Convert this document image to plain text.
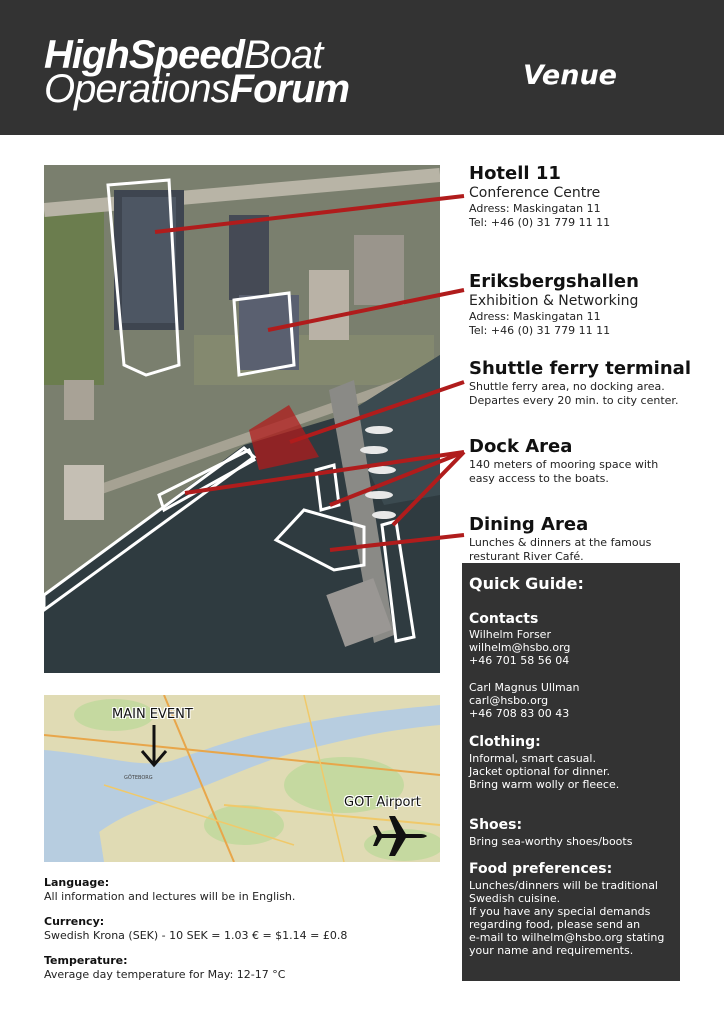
HighSpeedBoat
OperationsForum	Venue
Hotell 11
Conference Centre
Adress: Maskingatan 11
Tel: +46 (0) 31 779 11 11
Eriksbergshallen
Exhibition & Networking
Adress: Maskingatan 11
Tel: +46 (0) 31 779 11 11
Shuttle ferry terminal
Shuttle ferry area, no docking area.
Departes every 20 min. to city center.
Dock Area
140 meters of mooring space with
easy access to the boats.
Dining Area
Lunches & dinners at the famous
resturant River Café.
MAIN EVENT
GOT Airport
GÖTEBORG
Language:
All information and lectures will be in English.
Currency:
Swedish Krona (SEK) - 10 SEK = 1.03 € = $1.14 = £0.8
Temperature:
Average day temperature for May: 12-17 °C
Quick Guide:
Contacts
Wilhelm Forser
wilhelm@hsbo.org
+46 701 58 56 04
Carl Magnus Ullman
carl@hsbo.org
+46 708 83 00 43
Clothing:
Informal, smart casual.
Jacket optional for dinner.
Bring warm wolly or fleece.
Shoes:
Bring sea-worthy shoes/boots
Food preferences:
Lunches/dinners will be traditional
Swedish cuisine.
If you have any special demands
regarding food, please send an
e-mail to wilhelm@hsbo.org stating
your name and requirements.
